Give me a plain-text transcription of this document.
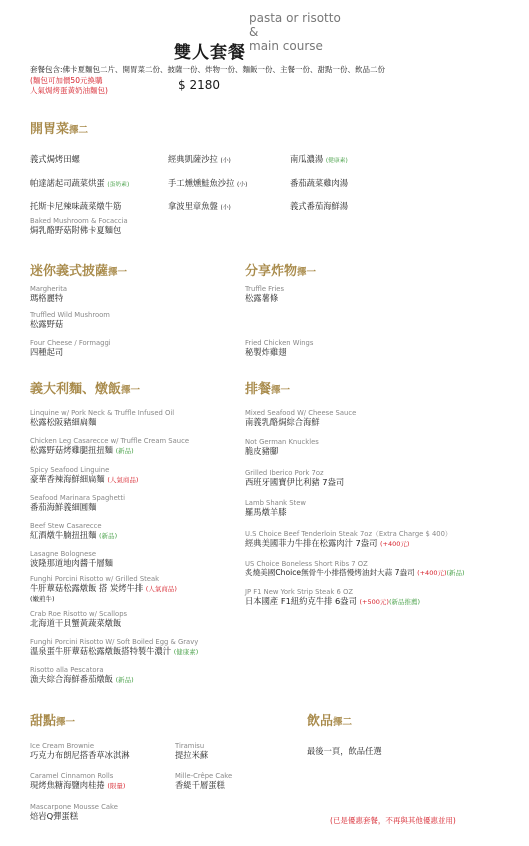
雙人套餐
pasta or risotto
&
main course
套餐包含:佛卡夏麵包二片、開胃菜二份、披薩一份、炸物一份、麵飯一份、主餐一份、甜點一份、飲品二份
(麵包可加價50元換購
人氣焗烤蛋黃奶油麵包)	$ 2180
開胃菜擇二
義式焗烤田螺	經典凱薩沙拉 (小)	南瓜濃湯 (健康素)
帕達諾起司蔬菜烘蛋 (蛋奶素)	手工燻燻鮭魚沙拉 (小)	番茄蔬菜雞肉湯
托斯卡尼辣味蔬菜燉牛筋	拿波里章魚盤 (小)	義式番茄海鮮湯
Baked Mushroom & Focaccia
焗乳酪野菇附佛卡夏麵包
迷你義式披薩擇一
Margherita
瑪格麗特
Truffled Wild Mushroom
松露野菇
Four Cheese / Formaggi
四種起司
分享炸物擇一
Truffle Fries
松露薯條
Fried Chicken Wings
秘製炸雞翅
義大利麵、燉飯擇一
Linquine w/ Pork Neck & Truffle Infused Oil
松露松阪豬細扁麵
Chicken Leg Casarecce w/ Truffle Cream Sauce
松露野菇烤雞腿扭扭麵 (新品)
Spicy Seafood Linguine
豪華香辣海鮮細扁麵 (人氣商品)
Seafood Marinara Spaghetti
番茄海鮮義細圓麵
Beef Stew Casarecce
紅酒燉牛腩扭扭麵 (新品)
Lasagne Bolognese
波隆那道地肉醬千層麵
Funghi Porcini Risotto w/ Grilled Steak
牛肝蕈菇松露燉飯 搭 炭烤牛排 (人氣商品)
(嫩煎牛)
Crab Roe Risotto w/ Scallops
北海道干貝蟹黃蔬菜燉飯
Funghi Porcini Risotto W/ Soft Boiled Egg & Gravy
溫泉蛋牛肝蕈菇松露燉飯搭特製牛濃汁 (健康素)
Risotto alla Pescatora
漁夫綜合海鮮番茄燉飯 (新品)
排餐擇一
Mixed Seafood W/ Cheese Sauce
南義乳酪焗綜合海鮮
Not German Knuckles
脆皮豬腳
Grilled Iberico Pork 7oz
西班牙國寶伊比利豬 7盎司
Lamb Shank Stew
羅馬燉羊膝
U.S Choice Beef Tenderloin Steak 7oz（Extra Charge $ 400）
經典美國菲力牛排在松露肉汁 7盎司 (+400元)
US Choice Boneless Short Ribs 7 OZ
炙燒美國Choice無骨牛小排搭慢烤油封大蒜 7盎司 (+400元)(新品)
JP F1 New York Strip Steak 6 OZ
日本國產 F1紐約克牛排 6盎司 (+500元)(新品推薦)
甜點擇一
Ice Cream Brownie
巧克力布朗尼搭香草冰淇淋
Tiramisu
提拉米蘇
Caramel Cinnamon Rolls
現烤焦糖海鹽肉桂捲 (限量)
Mille-Crêpe Cake
香緹千層蛋糕
Mascarpone Mousse Cake
焙岩Q彈蛋糕
飲品擇二
最後一頁，飲品任選
(已是優惠套餐，不再與其他優惠並用)
